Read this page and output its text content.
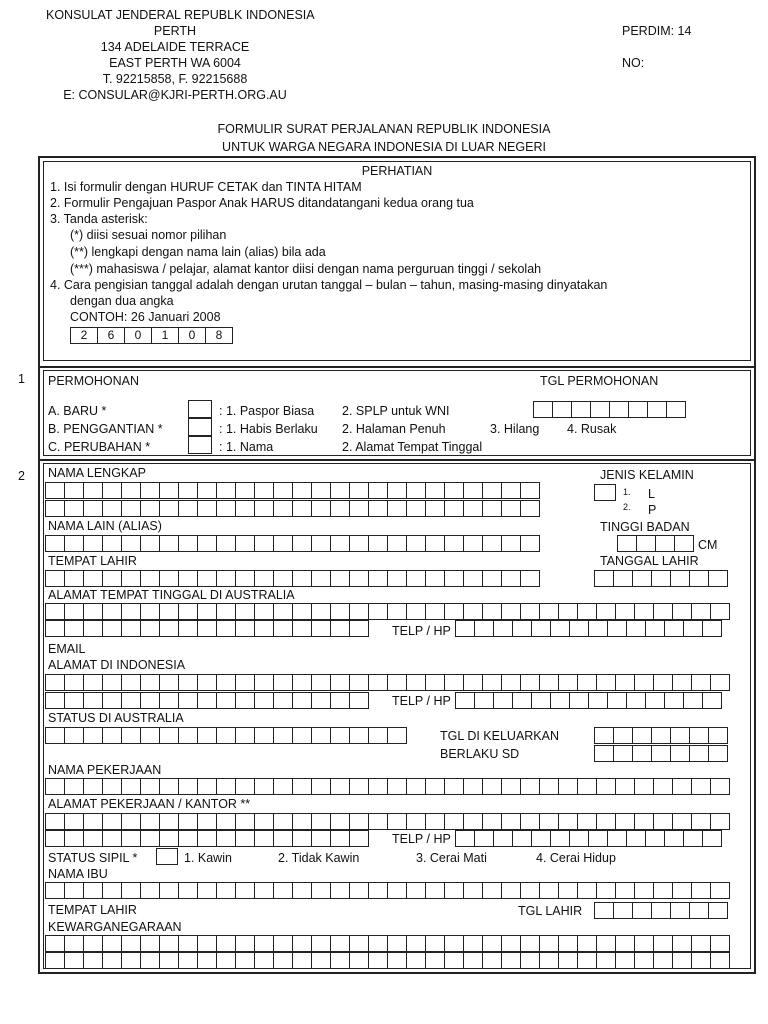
KONSULAT JENDERAL REPUBLK INDONESIA
PERTH
134 ADELAIDE TERRACE
EAST PERTH WA 6004
T. 92215858, F. 92215688
E: CONSULAR@KJRI-PERTH.ORG.AU
PERDIM: 14
NO:
FORMULIR SURAT PERJALANAN REPUBLIK INDONESIA
UNTUK WARGA NEGARA INDONESIA DI LUAR NEGERI
PERHATIAN
1. Isi formulir dengan HURUF CETAK dan TINTA HITAM
2. Formulir Pengajuan Paspor Anak HARUS ditandatangani kedua orang tua
3. Tanda asterisk:
(*) diisi sesuai nomor pilihan
(**) lengkapi dengan nama lain (alias) bila ada
(***) mahasiswa / pelajar, alamat kantor diisi dengan nama perguruan tinggi / sekolah
4. Cara pengisian tanggal adalah dengan urutan tanggal – bulan – tahun, masing-masing dinyatakan
dengan dua angka
CONTOH: 26 Januari 2008
2	6	0	1	0	8
1 PERMOHONAN	TGL PERMOHONAN
A. BARU *	: 1. Paspor Biasa 2. SPLP untuk WNI
B. PENGGANTIAN *	: 1. Habis Berlaku 2. Halaman Penuh	3. Hilang 4. Rusak
C. PERUBAHAN *	: 1. Nama	2. Alamat Tempat Tinggal
2 NAMA LENGKAP	JENIS KELAMIN
1. L
2. P
NAMA LAIN (ALIAS)	TINGGI BADAN
CM
TEMPAT LAHIR	TANGGAL LAHIR
ALAMAT TEMPAT TINGGAL DI AUSTRALIA
TELP / HP
EMAIL
ALAMAT DI INDONESIA
TELP / HP
STATUS DI AUSTRALIA
TGL DI KELUARKAN
BERLAKU SD
NAMA PEKERJAAN
ALAMAT PEKERJAAN / KANTOR **
TELP / HP
STATUS SIPIL *	1. Kawin	2. Tidak Kawin	3. Cerai Mati	4. Cerai Hidup
NAMA IBU
TEMPAT LAHIR	TGL LAHIR
KEWARGANEGARAAN
